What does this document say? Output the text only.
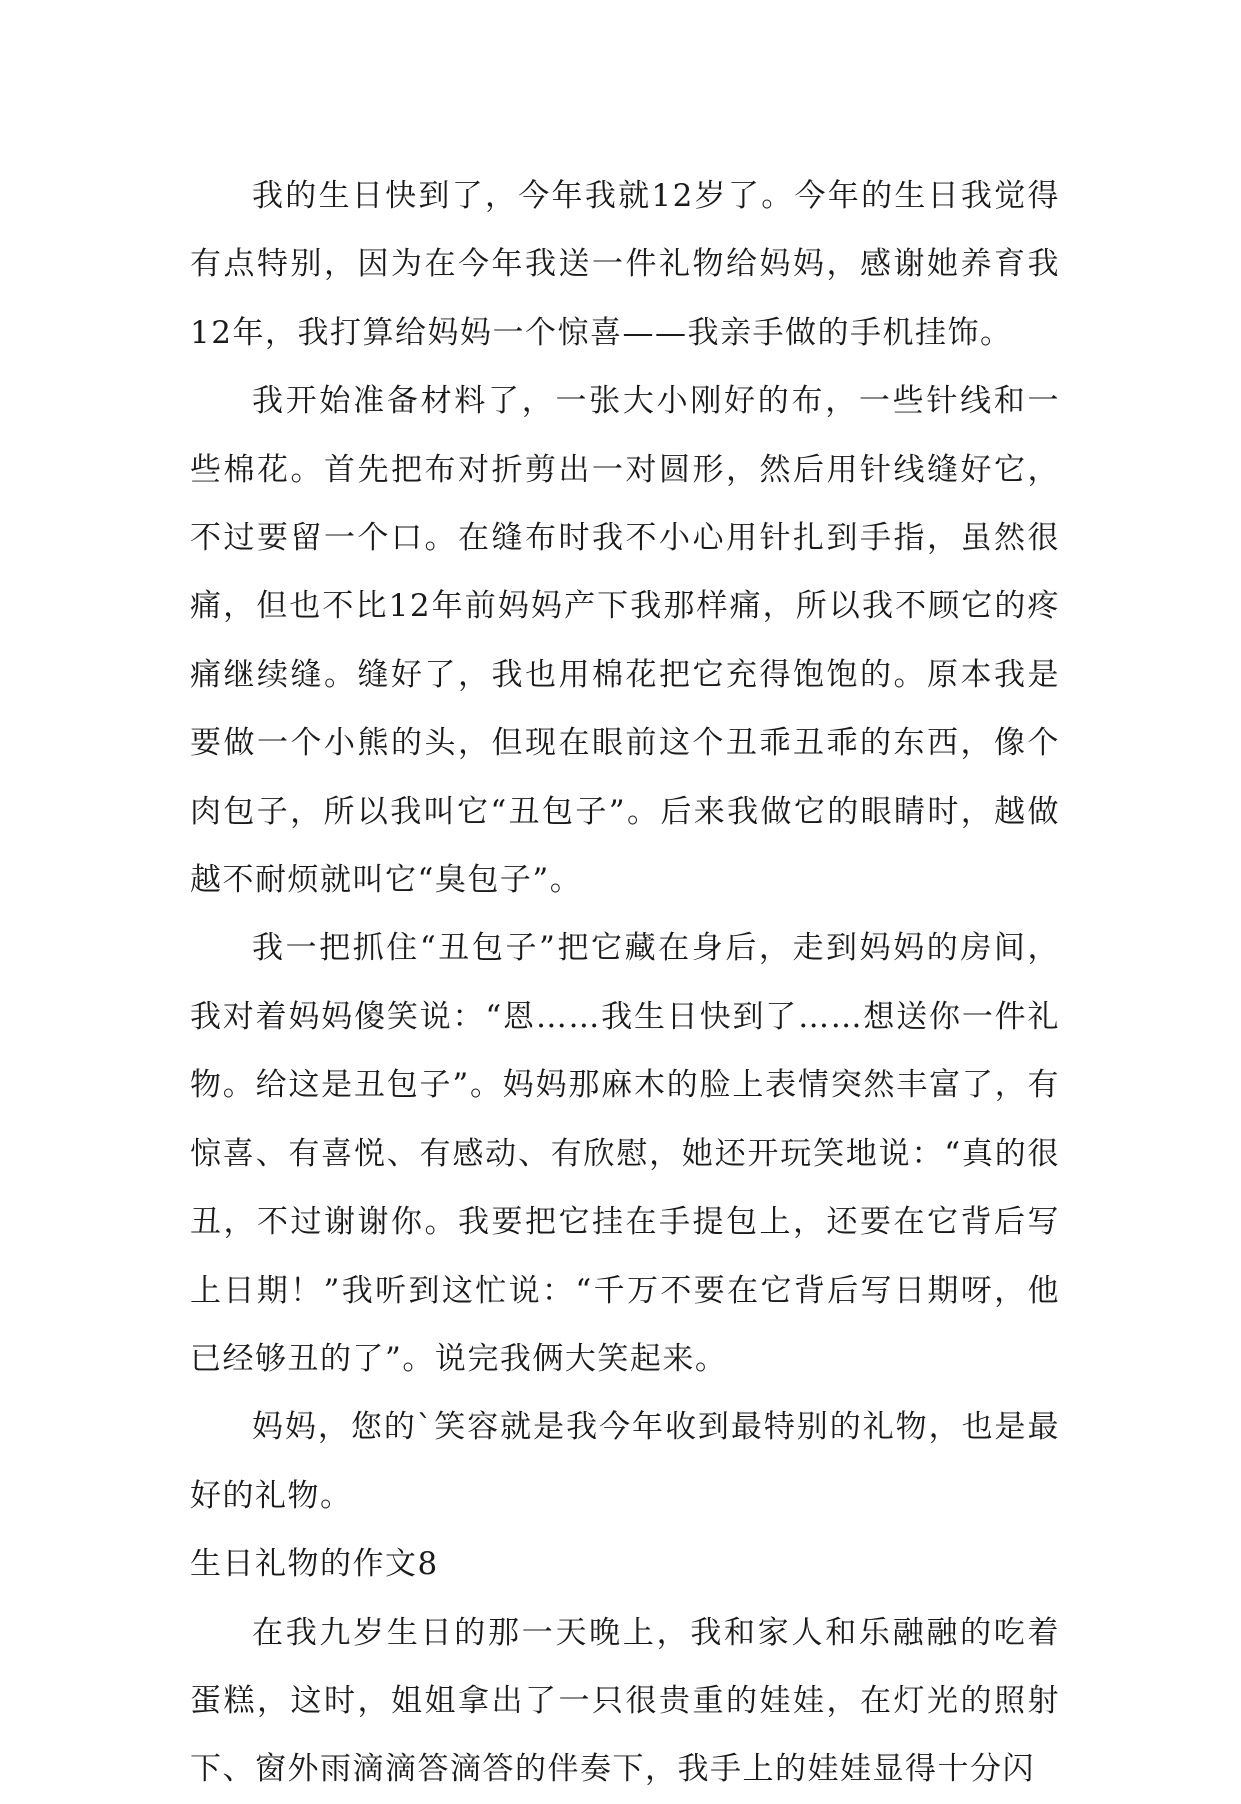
我的生日快到了，今年我就12岁了。今年的生日我觉得有点特别，因为在今年我送一件礼物给妈妈，感谢她养育我12年，我打算给妈妈一个惊喜——我亲手做的手机挂饰。

我开始准备材料了，一张大小刚好的布，一些针线和一些棉花。首先把布对折剪出一对圆形，然后用针线缝好它，不过要留一个口。在缝布时我不小心用针扎到手指，虽然很痛，但也不比12年前妈妈产下我那样痛，所以我不顾它的疼痛继续缝。缝好了，我也用棉花把它充得饱饱的。原本我是要做一个小熊的头，但现在眼前这个丑乖丑乖的东西，像个肉包子，所以我叫它“丑包子”。后来我做它的眼睛时，越做越不耐烦就叫它“臭包子”。

我一把抓住“丑包子”把它藏在身后，走到妈妈的房间，我对着妈妈傻笑说：“恩……我生日快到了……想送你一件礼物。给这是丑包子”。妈妈那麻木的脸上表情突然丰富了，有惊喜、有喜悦、有感动、有欣慰，她还开玩笑地说：“真的很丑，不过谢谢你。我要把它挂在手提包上，还要在它背后写上日期！”我听到这忙说：“千万不要在它背后写日期呀，他已经够丑的了”。说完我俩大笑起来。

妈妈，您的`笑容就是我今年收到最特别的礼物，也是最好的礼物。

生日礼物的作文8

在我九岁生日的那一天晚上，我和家人和乐融融的吃着蛋糕，这时，姐姐拿出了一只很贵重的娃娃，在灯光的照射下、窗外雨滴滴答滴答的伴奏下，我手上的娃娃显得十分闪
